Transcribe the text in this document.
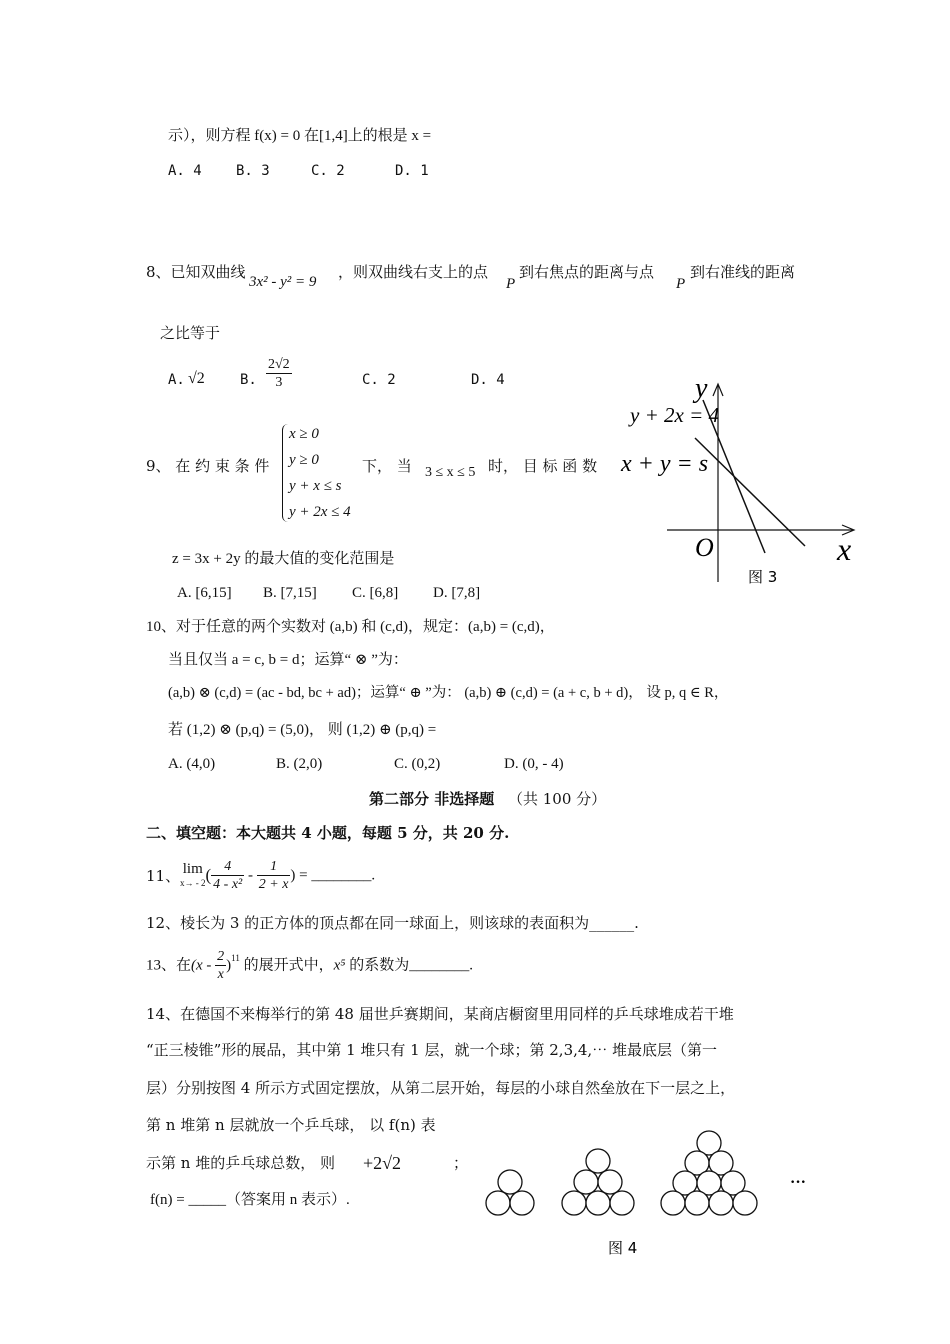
示），则方程 f(x) = 0 在[1,4]上的根是 x =
A. 4 B. 3	C. 2	D. 1
8、已知双曲线
3x² - y² = 9
，则双曲线右支上的点
P
到右焦点的距离与点
P
到右准线的距离
之比等于
A. √2	B. $\frac{2√2}{3}$	C. 2	D. 4
9、 在 约 束 条 件
x ≥ 0
y ≥ 0
y + x ≤ s
y + 2x ≤ 4
下， 当 3 ≤ x ≤ 5 时， 目 标 函 数
z = 3x + 2y 的最大值的变化范围是
A. [6,15] B. [7,15] C. [6,8] D. [7,8]
y
x
O
y + 2x = 4
x + y = s
图 3
10、对于任意的两个实数对 (a,b) 和 (c,d)，规定：(a,b) = (c,d)，
当且仅当 a = c, b = d；运算“ ⊗ ”为：
(a,b) ⊗ (c,d) = (ac - bd, bc + ad)；运算“ ⊕ ”为： (a,b) ⊕ (c,d) = (a + c, b + d)， 设 p, q ∈ R，
若 (1,2) ⊗ (p,q) = (5,0)， 则 (1,2) ⊕ (p,q) =
A. (4,0)	B. (2,0)	C. (0,2)	D. (0, - 4)
第二部分 非选择题 （共 100 分）
二、填空题：本大题共 4 小题，每题 5 分，共 20 分.
11、 lim
x→ - 2 ( $\frac{4}{\text{4 - x²}} - \frac{1}{2 + x}$ ) = ________.
12、棱长为 3 的正方体的顶点都在同一球面上，则该球的表面积为______.
13、在$(x - \frac{2}{x} )^{11}$ 的展开式中，x⁵ 的系数为________.
14、在德国不来梅举行的第 48 届世乒赛期间，某商店橱窗里用同样的乒乓球堆成若干堆
“正三棱锥”形的展品，其中第 1 堆只有 1 层，就一个球；第 2,3,4,⋯ 堆最底层（第一
层）分别按图 4 所示方式固定摆放，从第二层开始，每层的小球自然垒放在下一层之上，
第 n 堆第 n 层就放一个乒乓球， 以 f(n) 表
示第 n 堆的乒乓球总数， 则 +2√2	；
f(n) = _____（答案用 n 表示）.
···
图 4
